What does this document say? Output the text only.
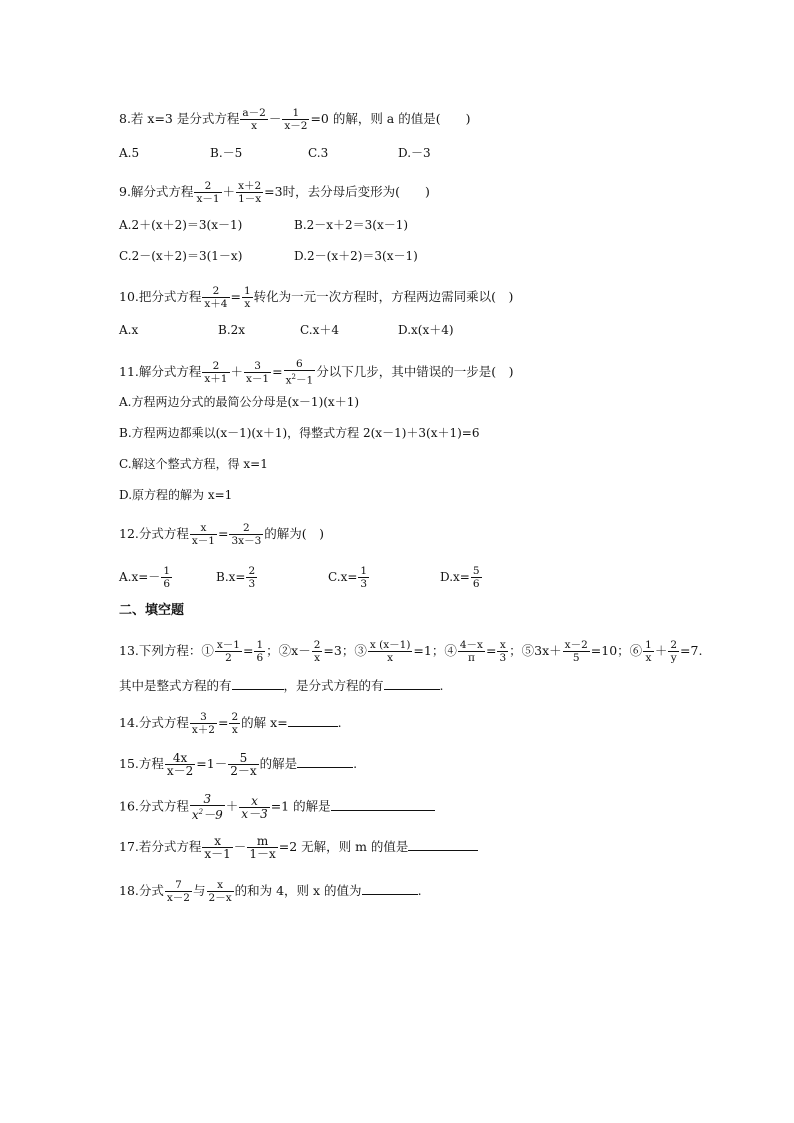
8.若 x=3 是分式方程 $\frac{a-2}{x} - \frac{1}{x-2} =0$ 的解，则 a 的值是(　　)
A.5	B.－5	C.3	D.－3
9.解分式方程 $\frac{2}{x-1} + \frac{x+2}{1-x} =3$时，去分母后变形为(　　)
A.2＋(x＋2)＝3(x－1)	B.2－x＋2＝3(x－1)
C.2－(x＋2)＝3(1－x)	D.2－(x＋2)＝3(x－1)
10.把分式方程 $\frac{2}{x+4} = \frac{1}{x}$ 转化为一元一次方程时，方程两边需同乘以(　)
A.x	B.2x	C.x＋4	D.x(x＋4)
11.解分式方程 $\frac{2}{x+1} + \frac{3}{x-1} = \frac{6}{x^2-1}$ 分以下几步，其中错误的一步是(　)
A.方程两边分式的最简公分母是(x－1)(x＋1)
B.方程两边都乘以(x－1)(x＋1)，得整式方程 2(x－1)＋3(x＋1)=6
C.解这个整式方程，得 x=1
D.原方程的解为 x=1
12.分式方程 $\frac{x}{x-1} = \frac{2}{3x-3}$ 的解为(　)
$A.x=- \frac{1}{6}$	$B.x= \frac{2}{3}$	$C.x= \frac{1}{3}$	$D.x= \frac{5}{6}$
二、填空题
13.下列方程：① $\frac{x-1}{2} = \frac{1}{6}$ ；②x－ $\frac{2}{x} =3$；③ $\frac{x (x-1)}{x} =1$；④ $\frac{4-x}{\pi} = \frac{x}{3}$ ；⑤3x＋ $\frac{x-2}{5} =10$；⑥ $\frac{1}{x} + \frac{2}{y} =7$.
其中是整式方程的有	，是分式方程的有	.
14.分式方程 $\frac{3}{x+2} = \frac{2}{x}$ 的解 x=	.
15.方程 $\frac{4x}{x-2} =1- \frac{5}{2-x}$ 的解是	.
16.分式方程 $\frac{3}{x^2-9} + \frac{x}{x-3} =1$ 的解是
17.若分式方程 $\frac{x}{x-1} - \frac{m}{1-x} =2$ 无解，则 m 的值是
18.分式 $\frac{7}{x-2}$ 与 $\frac{x}{2-x}$ 的和为 4，则 x 的值为	.
